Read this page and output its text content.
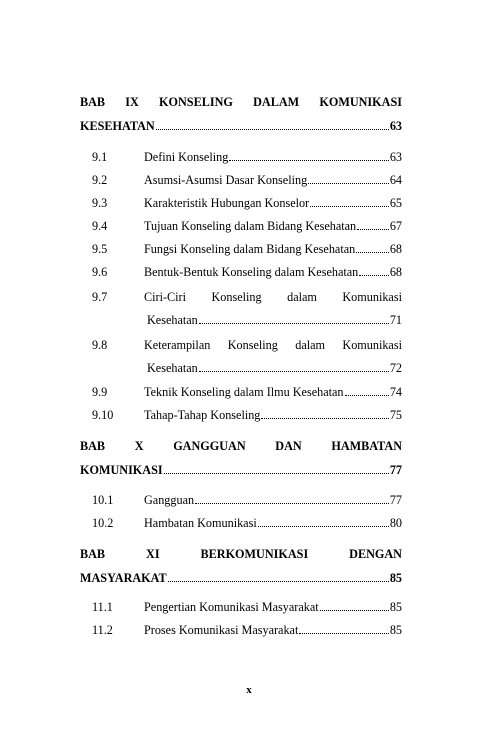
BAB IX KONSELING DALAM KOMUNIKASI
KESEHATAN	63
9.1	Defini Konseling	63
9.2	Asumsi-Asumsi Dasar Konseling	64
9.3	Karakteristik Hubungan Konselor	65
9.4	Tujuan Konseling dalam Bidang Kesehatan	67
9.5	Fungsi Konseling dalam Bidang Kesehatan	68
9.6	Bentuk-Bentuk Konseling dalam Kesehatan	68
9.7	Ciri-Ciri Konseling dalam Komunikasi
Kesehatan	71
9.8	Keterampilan Konseling dalam Komunikasi
Kesehatan	72
9.9	Teknik Konseling dalam Ilmu Kesehatan	74
9.10	Tahap-Tahap Konseling	75
BAB X GANGGUAN DAN HAMBATAN
KOMUNIKASI	77
10.1	Gangguan	77
10.2	Hambatan Komunikasi	80
BAB	XI	BERKOMUNIKASI	DENGAN
MASYARAKAT	85
11.1	Pengertian Komunikasi Masyarakat	85
11.2	Proses Komunikasi Masyarakat	85
x
